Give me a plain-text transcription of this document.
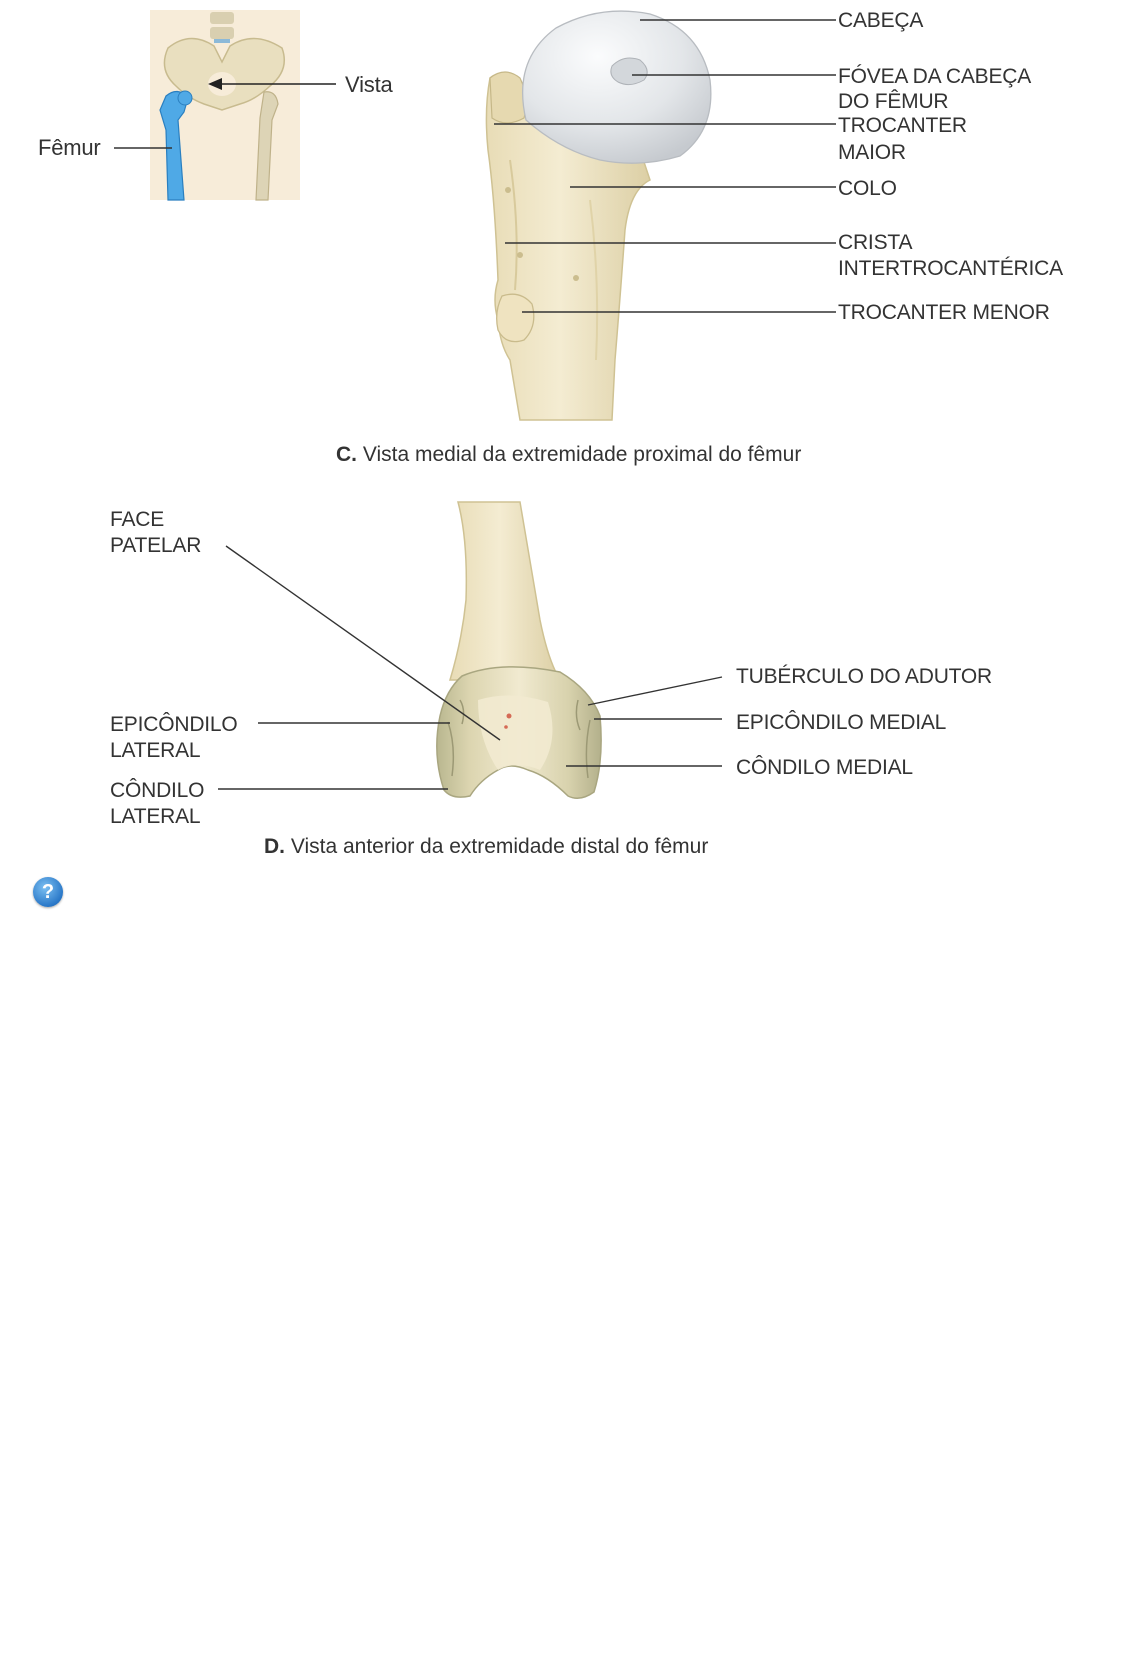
Vista
Fêmur
CABEÇA
FÓVEA DA CABEÇA
DO FÊMUR
TROCANTER
MAIOR
COLO
CRISTA
INTERTROCANTÉRICA
TROCANTER MENOR
C. Vista medial da extremidade proximal do fêmur
FACE
PATELAR
EPICÔNDILO
LATERAL
CÔNDILO
LATERAL
TUBÉRCULO DO ADUTOR
EPICÔNDILO MEDIAL
CÔNDILO MEDIAL
D. Vista anterior da extremidade distal do fêmur
?
